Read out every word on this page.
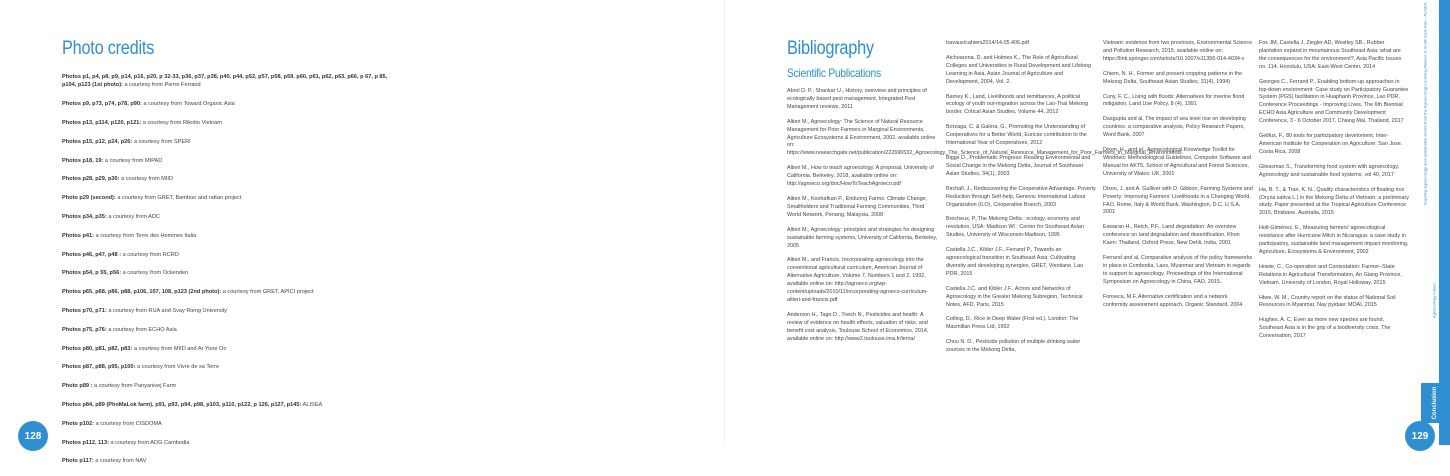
Photo credits
Photos p1, p4, p8, p9, p14, p16, p20, p 32-33, p36, p37, p38, p40, p44, p52, p57, p58, p59, p60, p61, p62, p63, p66, p 67, p 85, p104, p123 (1st photo): a courtesy from Pierre Ferrand
Photos p9, p73, p74, p78, p90: a courtesy from Toward Organic Asia
Photos p13, p114, p120, p121: a courtesy from Rikolto Vietnam
Photos p15, p12, p24, p26: a courtesy from SPERI
Photos p18, 19: a courtesy from MIPAD
Photos p28, p29, p30: a courtesy from MIID
Photo p29 (second): a courtesy from GRET, Bamboo and rattan project
Photos p34, p35: a courtesy from ADC
Photos p41: a courtesy from Terre des Hommes Italia
Photos p46, p47, p48 : a courtesy from RCRD
Photos p54, p 55, p56: a courtesy from Ockenden
Photos p65, p68, p86, p88, p106, 107, 108, p123 (2nd photo): a courtesy from GRET, APICI project
Photos p70, p71: a courtesy from RUA and Svay Rieng University
Photos p75, p76: a courtesy from ECHO Asia
Photos p80, p81, p82, p83: a courtesy from MIID and Ar Yone Oo
Photos p87, p88, p95, p100: a courtesy from Vivre de sa Terre
Photo p89 : a courtesy from Panyanivej Farm
Photos p84, p89 (PhoMaLok farm), p91, p93, p94, p98, p103, p110, p122, p 126, p127, p145: ALISEA
Photo p102: a courtesy from CISDOMA
Photos p112, 113: a courtesy from ADG Cambodia
Photo p117: a courtesy from NAV
128
Bibliography
Scientific Publications

Abrol D. P., Shankar U., History, overview and principles of ecologically based pest management, Integrated Pest Management reviews, 2011

Altieri M., Agroecology: The Science of Natural Resource Management for Poor Farmers in Marginal Environments, Agriculture Ecosystems & Environment, 2002, available online on: https://www.researchgate.net/publication/222696532_Agroecology_The_Science_of_Natural_Resource_Management_for_Poor_Farmers_in_Marginal_Environments

Altieri M., How to teach agroecology. A proposal, University of California, Berkeley, 2018, available online on: http://agroeco.org/doc/HowToTeachAgroeco.pdf

Altieri M., Koohafkan P., Enduring Farms: Climate Change, Smallholders and Traditional Farming Communities, Third World Network, Penang, Malaysia, 2008

Altieri M., Agroecology: principles and strategies for designing sustainable farming systems, University of California, Berkeley, 2005

Altieri M., and Francis, Incorporating agroecology into the conventional agricultural curriculum, American Journal of Alternative Agriculture, Volume 7, Numbers 1 and 2, 1992, available online on: http://agroeco.org/wp-content/uploads/2010/11/incorporating-agroeco-curriculum-altieri-and-francis.pdf

Anderson H., Tago D., Treich N., Pesticides and health: A review of evidence on health effects, valuation of risks, and benefit cost analysis, Toulouse School of Economics, 2014, available online on: http://www2.toulouse.inra.fr/lerna/

travaux/cahiers2014/14.05.406.pdf

Atchoarena, D. and Holmes K., The Role of Agricultural Colleges and Universities in Rural Development and Lifelong Learning in Asia, Asian Journal of Agriculture and Development, 2004, Vol. 2.

Barney K., Land, Livelihoods and remittances, A political ecology of youth out-migration across the Lao-Thai Mekong border, Critical Asian Studies, Volume 44, 2012

Borzaga, C. & Galera, G., Promoting the Understanding of Cooperatives for a Better World, Euricse contribution to the International Year of Cooperatives, 2012

Biggs D., Problematic Progress: Reading Environmental and Social Change in the Mekong Delta, Journal of Southeast Asian Studies, 34(1), 2003

Birchall, J., Rediscovering the Cooperative Advantage. Poverty Reduction through Self-help, Geneva: International Labour Organization (ILO), Cooperative Branch, 2003

Brocheux, P.,The Mekong Delta : ecology, economy and revolution, USA: Madison WI : Center for Southeast Asian Studies, University of Wisconsin-Madison, 1995

Castella J.C., Kibler J.F., Ferrand P., Towards an agroecological transition in Southeast Asia: Cultivating diversity and developing synergies, GRET, Vientiane, Lao PDR, 2015

Castella J.C. and Kibler J.F., Actors and Networks of Agroecology in the Greater Mekong Subregion, Technical Notes, AFD, Paris, 2015

Cotling, D., Rice in Deep Water (First ed.). London: The Macmillan Press Ltd, 1992

Chou N. D., Pesticide pollution of multiple drinking water sources in the Mekong Delta,

Vietnam: evidence from two provinces, Environmental Science and Pollution Research, 2015, available online on: https://link.springer.com/article/10.1007/s11356-014-4034-x

Chiem, N. H., Former and present cropping patterns in the Mekong Delta, Southeast Asian Studies, 31(4), 1994)

Cuny, F. C., Living with floods: Alternatives for riverine flood mitigation, Land Use Policy, 8 (4), 1991

Dasgupta and al, The impact of sea level rise on developing countries: a comparative analysis, Policy Research Papers, Word Bank, 2007

Dixon, H., and al., Agroecological Knowledge Toolkit for Windows: Methodological Guidelines, Computer Software and Manual for AKT5, School of Agricultural and Forest Sciences, University of Wales: UK, 2001

Dixon, J. and A. Gulliver with D. Gibbon, Farming Systems and Poverty: Improving Farmers' Livelihoods in a Changing World, FAO, Rome, Italy & World Bank, Washington, D.C. U.S.A, 2001

Eswaran H., Reich, P.F., Land degradation: An overview conference on land degradation and desertification. Khon Kaen: Thailand, Oxford Press, New Dehli, India, 2001

Ferrand and al, Comparative analysis of the policy frameworks in place in Combodia, Laos, Myanmar and Vietnam in regards to support to agroecology, Proceedings of the International Symposium on Agroecology in China, FAO, 2015.

Fonseca, M.F, Alternative certification and a network conformity assessment approach, Organic Standard, 2004

Fox JM, Castella J, Ziegler AD, Westley SB., Rubber plantation expand in mountainous Southeast Asia: what are the consequences for the environment?, Asia Pacific Issues no. 114. Honolulu, USA: East-West Center, 2014

Georges C., Ferrand P., Enabling bottom-up approaches in top-down environment: Case study on Participatory Guarantee System (PGS) facilitation in Huaphanh Province, Lao PDR, Conference Proceedings - Improving Lives, The 6th Biennial ECHO Asia Agriculture and Community Development Conference, 3 - 6 October 2017, Chiang Mai, Thailand, 2017

Gelifus, F., 80 tools for participatory develoment, Inter-American Institute for Cooperation on Agriculture: San Jose. Costa Rica, 2008

Gliessman S., Transforming food system with agroecology, Agroecology and sustainable food systems, vol 40, 2017

Ha, B. T., & Tran, K. N., Quality characteristics of floating rice (Oryza sativa L.) in the Mekong Delta of Vietnam: a preliminary study. Paper presented at the Tropical Agriculture Conference 2015, Brisbane, Australia, 2015

Holt-Giménez, E., Measuring farmers' agroecological resistance after Hurricane Mitch in Nicaragua: a case study in participatory, sustainable land management impact monitoring, Agriculture, Ecosystems & Environment, 2002

Howie, C., Co-operation and Contestation: Farmer–State Relations in Agricultural Transformation, An Giang Province, Vietnam. University of London, Royal Holloway, 2015

Htwe, W. M., Country report on the status of National Soil Resources in Myanmar, Nay pyidaw: MOAI, 2015

Hughes, A. C, Even as more new species are found, Southeast Asia is in the grip of a biodiversity crisis, The Conversation, 2017

Inspiring agroecology and sustainable stories from the Agroecology Learning Alliance in South East Asia – ALISEA
Agroecology Future:
Conclusion
129
